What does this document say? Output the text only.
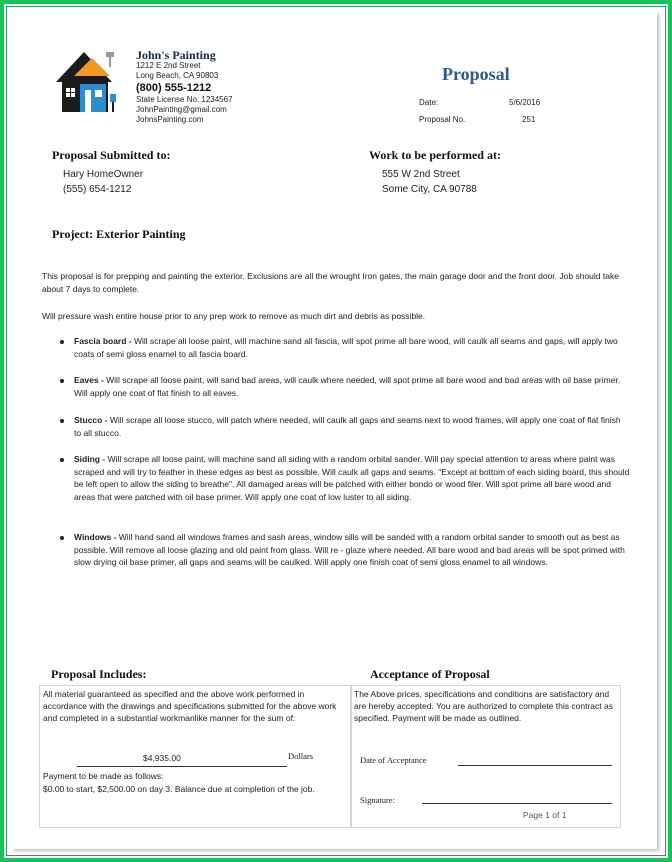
John's Painting
1212 E 2nd Street
Long Beach, CA 90803
(800) 555-1212
State License No. 1234567
JohnPainting@gmail.com
JohnsPainting.com
Proposal
Date:	5/6/2016
Proposal No.	251
Proposal Submitted to:
Hary HomeOwner
(555) 654-1212
Work to be performed at:
555 W 2nd Street
Some City, CA 90788
Project: Exterior Painting
This proposal is for prepping and painting the exterior. Exclusions are all the wrought Iron gates, the main garage door and the front door. Job should take about 7 days to complete.
Will pressure wash entire house prior to any prep work to remove as much dirt and debris as possible.
Fascia board - Will scrape all loose paint, will machine sand all fascia, will spot prime all bare wood, will caulk all seams and gaps, will apply two coats of semi gloss enamel to all fascia board.
Eaves - Will scrape all loose paint, will sand bad areas, will caulk where needed, will spot prime all bare wood and bad areas with oil base primer. Will apply one coat of flat finish to all eaves.
Stucco - Will scrape all loose stucco, will patch where needed, will caulk all gaps and seams next to wood frames, will apply one coat of flat finish to all stucco.
Siding - Will scrape all loose paint, will machine sand all siding with a random orbital sander. Will pay special attention to areas where paint was scraped and will try to feather in these edges as best as possible. Will caulk all gaps and seams. "Except at bottom of each siding board, this should be left open to allow the siding to breathe". All damaged areas will be patched with either bondo or wood filer. Will spot prime all bare wood and areas that were patched with oil base primer. Will apply one coat of low luster to all siding.
Windows - Will hand sand all windows frames and sash areas, window sills will be sanded with a random orbital sander to smooth out as best as possible. Will remove all loose glazing and old paint from glass. Will re - glaze where needed. All bare wood and bad areas will be spot primed with slow drying oil base primer, all gaps and seams will be caulked. Will apply one finish coat of semi gloss enamel to all windows.
Proposal Includes:	Acceptance of Proposal
All material guaranteed as specified and the above work performed in accordance with the drawings and specifications submitted for the above work and completed in a substantial workmanlike manner for the sum of:
$4,935.00	Dollars
Payment to be made as follows:
$0.00 to start, $2,500.00 on day 3. Balance due at completion of the job.
The Above prices, specifications and conditions are satisfactory and are hereby accepted. You are authorized to complete this contract as specified. Payment will be made as outlined.
Date of Acceptance
Signature:
Page 1 of 1
